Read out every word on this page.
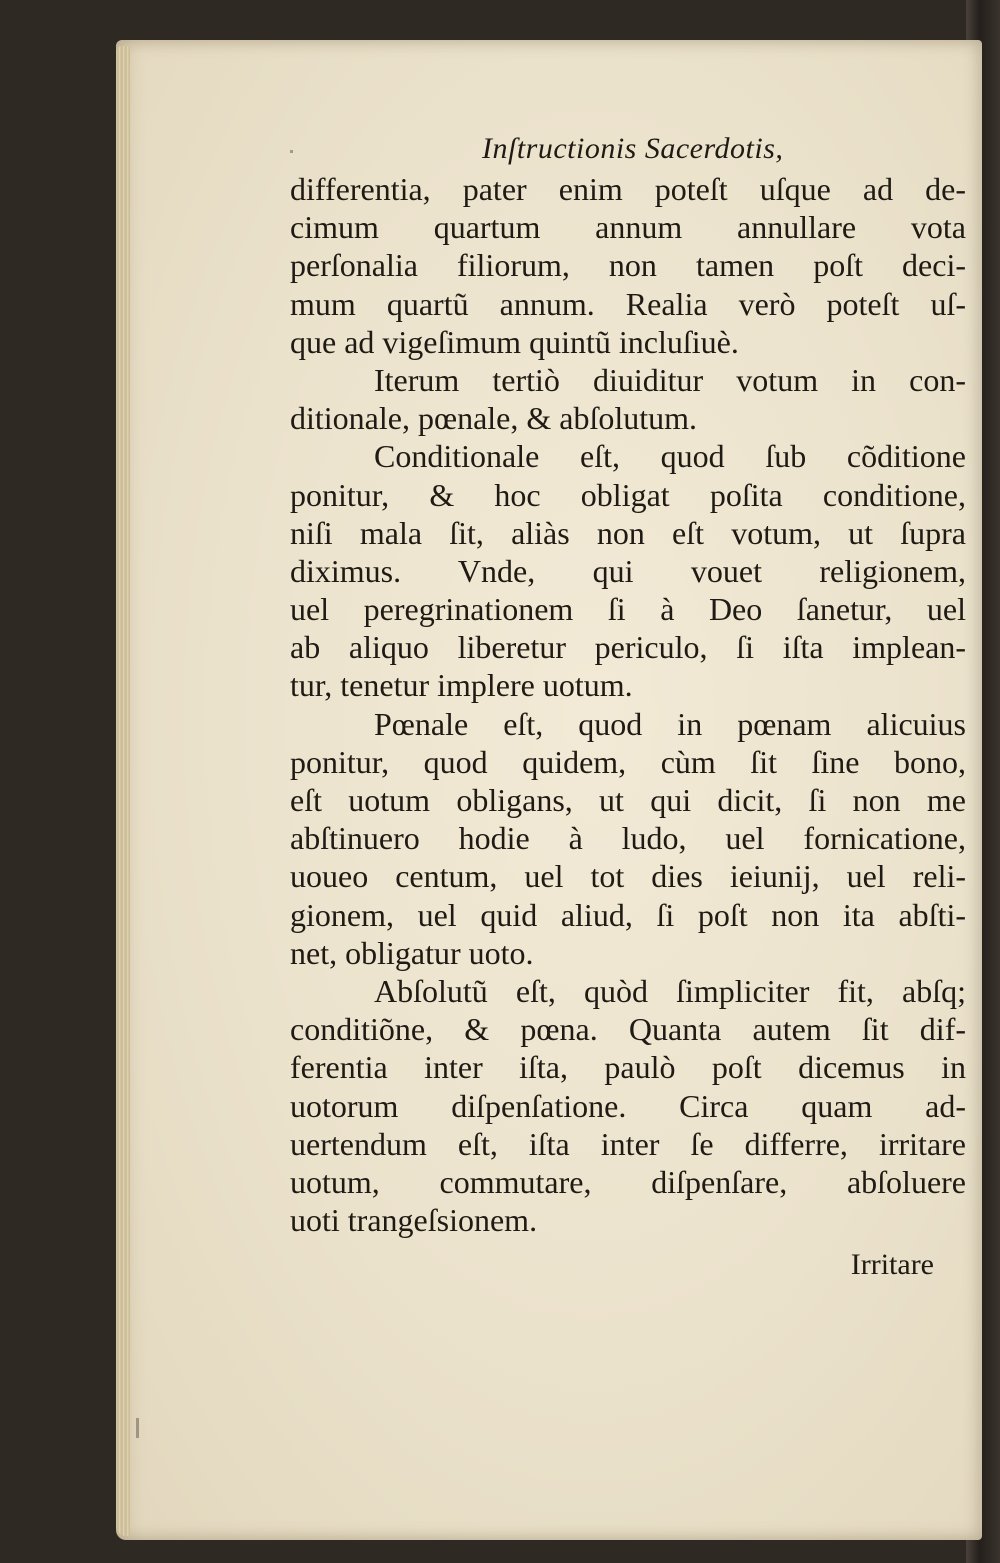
Inſtructionis Sacerdotis,
differentia, pater enim poteſt uſque ad de-
cimum quartum annum annullare vota
perſonalia filiorum, non tamen poſt deci-
mum quartũ annum. Realia verò poteſt uſ-
que ad vigeſimum quintũ incluſiuè.
Iterum tertiò diuiditur votum in con-
ditionale, pœnale, & abſolutum.
Conditionale eſt, quod ſub cõditione
ponitur, & hoc obligat poſita conditione,
niſi mala ſit, aliàs non eſt votum, ut ſupra
diximus. Vnde, qui vouet religionem,
uel peregrinationem ſi à Deo ſanetur, uel
ab aliquo liberetur periculo, ſi iſta implean-
tur, tenetur implere uotum.
Pœnale eſt, quod in pœnam alicuius
ponitur, quod quidem, cùm ſit ſine bono,
eſt uotum obligans, ut qui dicit, ſi non me
abſtinuero hodie à ludo, uel fornicatione,
uoueo centum, uel tot dies ieiunij, uel reli-
gionem, uel quid aliud, ſi poſt non ita abſti-
net, obligatur uoto.
Abſolutũ eſt, quòd ſimpliciter fit, abſq;
conditiõne, & pœna. Quanta autem ſit dif-
ferentia inter iſta, paulò poſt dicemus in
uotorum diſpenſatione. Circa quam ad-
uertendum eſt, iſta inter ſe differre, irritare
uotum, commutare, diſpenſare, abſoluere
uoti trangeſsionem.
Irritare
